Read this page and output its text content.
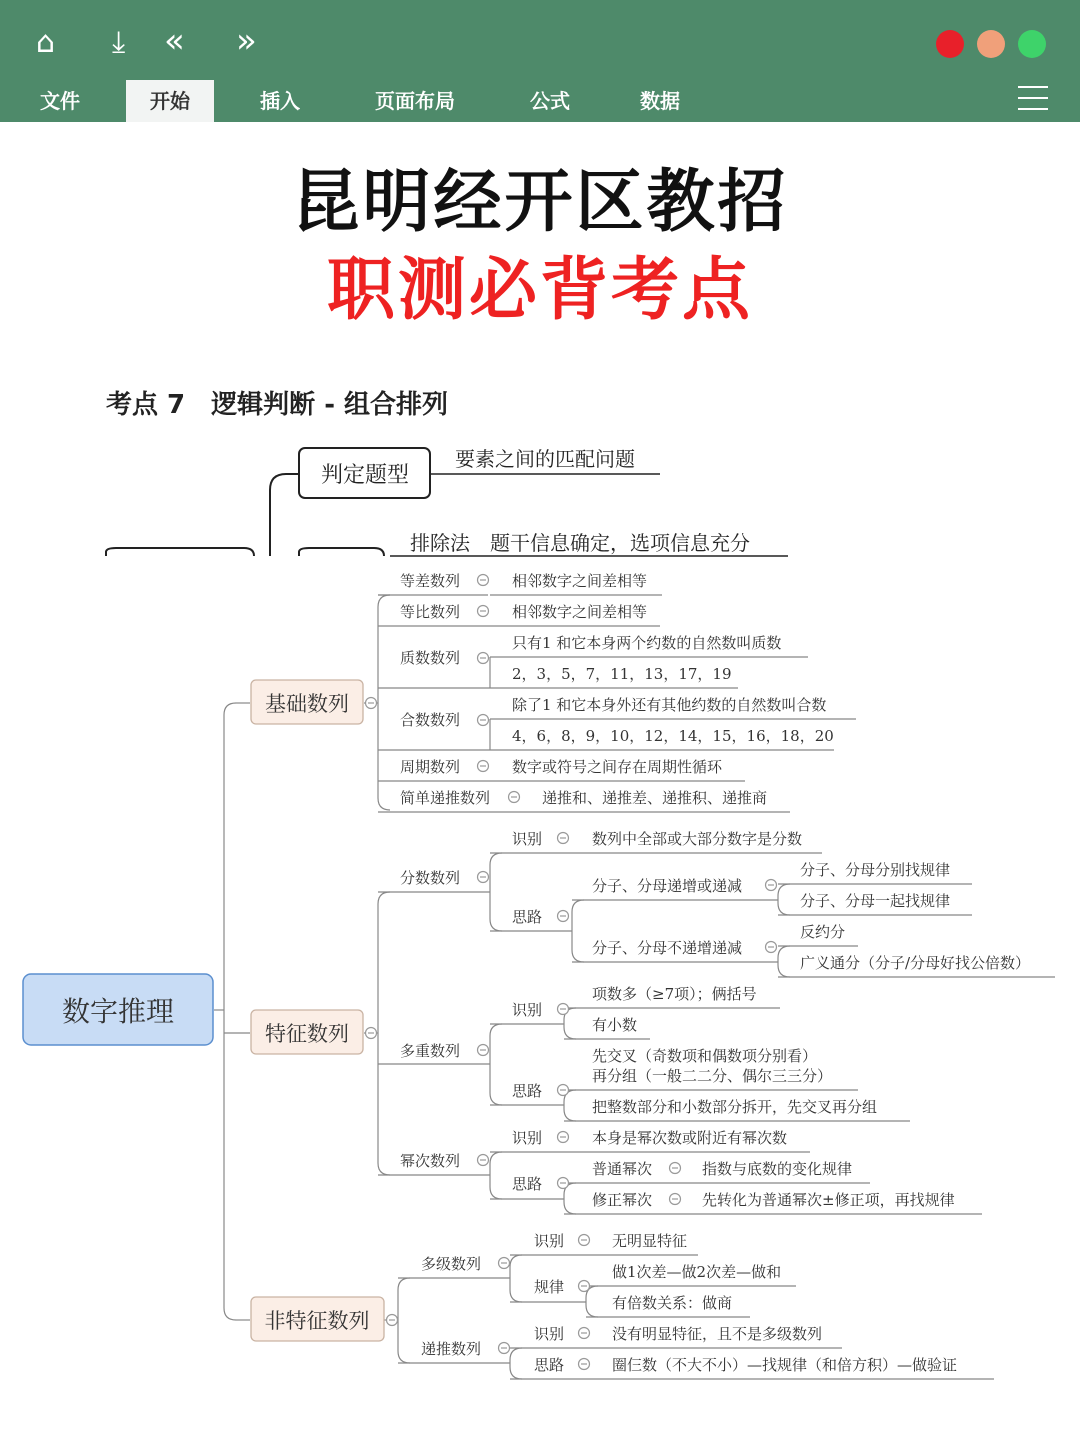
⌂ ⤓ « »
文件	开始	插入	页面布局	公式	数据
昆明经开区教招
职测必背考点
考点 7 逻辑判断 - 组合排列
判定题型
要素之间的匹配问题
排除法　题干信息确定，选项信息充分
数字推理
基础数列
特征数列
非特征数列
等差数列	相邻数字之间差相等
等比数列	相邻数字之间差相等
质数数列
只有1 和它本身两个约数的自然数叫质数
2，3，5，7，11，13，17，19
合数数列
除了1 和它本身外还有其他约数的自然数叫合数
4，6，8，9，10，12，14，15，16，18，20
周期数列	数字或符号之间存在周期性循环
简单递推数列	递推和、递推差、递推积、递推商
分数数列
识别	数列中全部或大部分数字是分数
思路
分子、分母递增或递减
分子、分母分别找规律
分子、分母一起找规律
分子、分母不递增递减
反约分
广义通分（分子/分母好找公倍数）
多重数列
识别
项数多（≥7项）；俩括号
有小数
思路
先交叉（奇数项和偶数项分别看）
再分组（一般二二分、偶尔三三分）
把整数部分和小数部分拆开，先交叉再分组
幂次数列
识别	本身是幂次数或附近有幂次数
思路
普通幂次	指数与底数的变化规律
修正幂次	先转化为普通幂次±修正项，再找规律
多级数列
识别	无明显特征
规律
做1次差—做2次差—做和
有倍数关系：做商
递推数列
识别	没有明显特征，且不是多级数列
思路	圈仨数（不大不小）—找规律（和倍方积）—做验证
